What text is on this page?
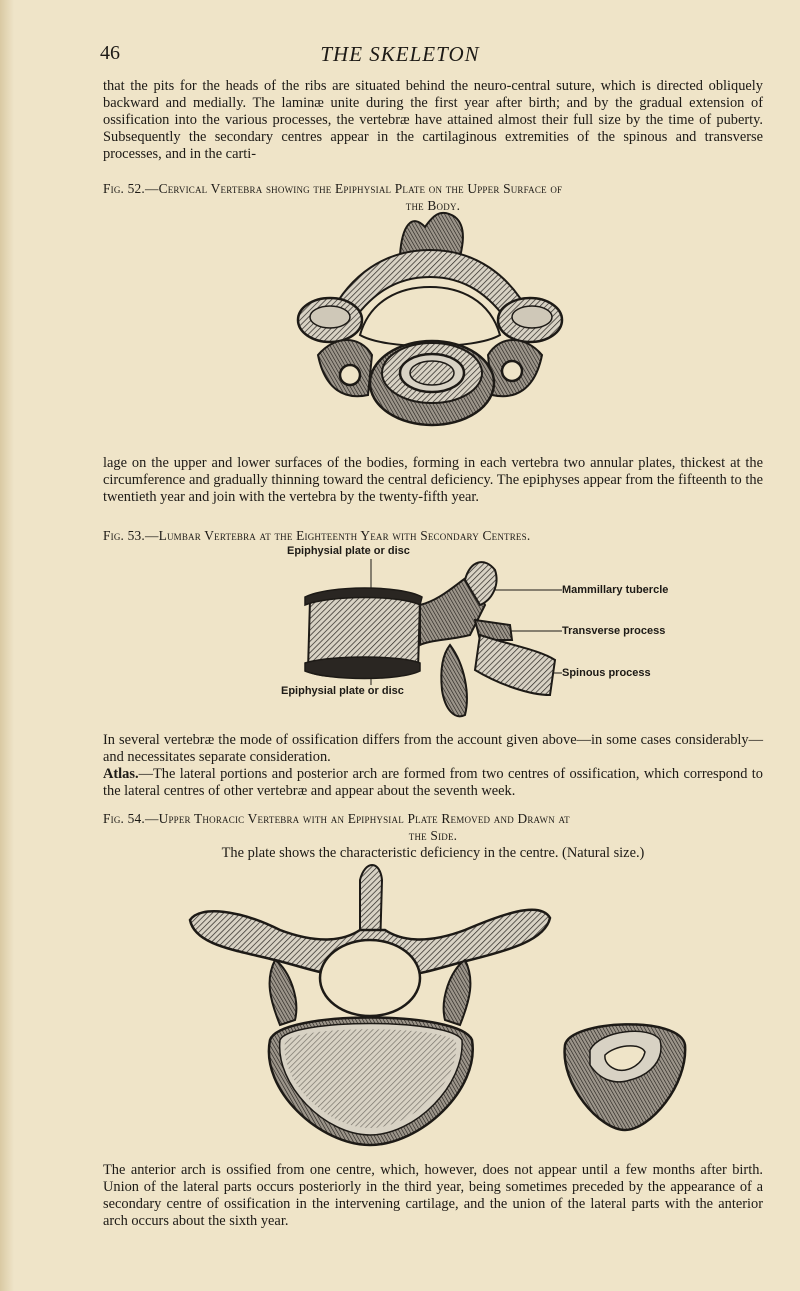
46	THE SKELETON

that the pits for the heads of the ribs are situated behind the neuro-central suture, which is directed obliquely backward and medially. The laminæ unite during the first year after birth; and by the gradual extension of ossification into the various processes, the vertebræ have attained almost their full size by the time of puberty. Subsequently the secondary centres appear in the cartilaginous extremities of the spinous and transverse processes, and in the carti-

Fig. 52.—Cervical Vertebra showing the Epiphysial Plate on the Upper Surface of
the Body.

lage on the upper and lower surfaces of the bodies, forming in each vertebra two annular plates, thickest at the circumference and gradually thinning toward the central deficiency. The epiphyses appear from the fifteenth to the twentieth year and join with the vertebra by the twenty-fifth year.

Fig. 53.—Lumbar Vertebra at the Eighteenth Year with Secondary Centres.

Epiphysial plate or disc
Mammillary tubercle
Transverse process
Spinous process
Epiphysial plate or disc

In several vertebræ the mode of ossification differs from the account given above—in some cases considerably—and necessitates separate consideration.

Atlas.—The lateral portions and posterior arch are formed from two centres of ossification, which correspond to the lateral centres of other vertebræ and appear about the seventh week.

Fig. 54.—Upper Thoracic Vertebra with an Epiphysial Plate Removed and Drawn at
the Side.

The plate shows the characteristic deficiency in the centre. (Natural size.)

The anterior arch is ossified from one centre, which, however, does not appear until a few months after birth. Union of the lateral parts occurs posteriorly in the third year, being sometimes preceded by the appearance of a secondary centre of ossification in the intervening cartilage, and the union of the lateral parts with the anterior arch occurs about the sixth year.
